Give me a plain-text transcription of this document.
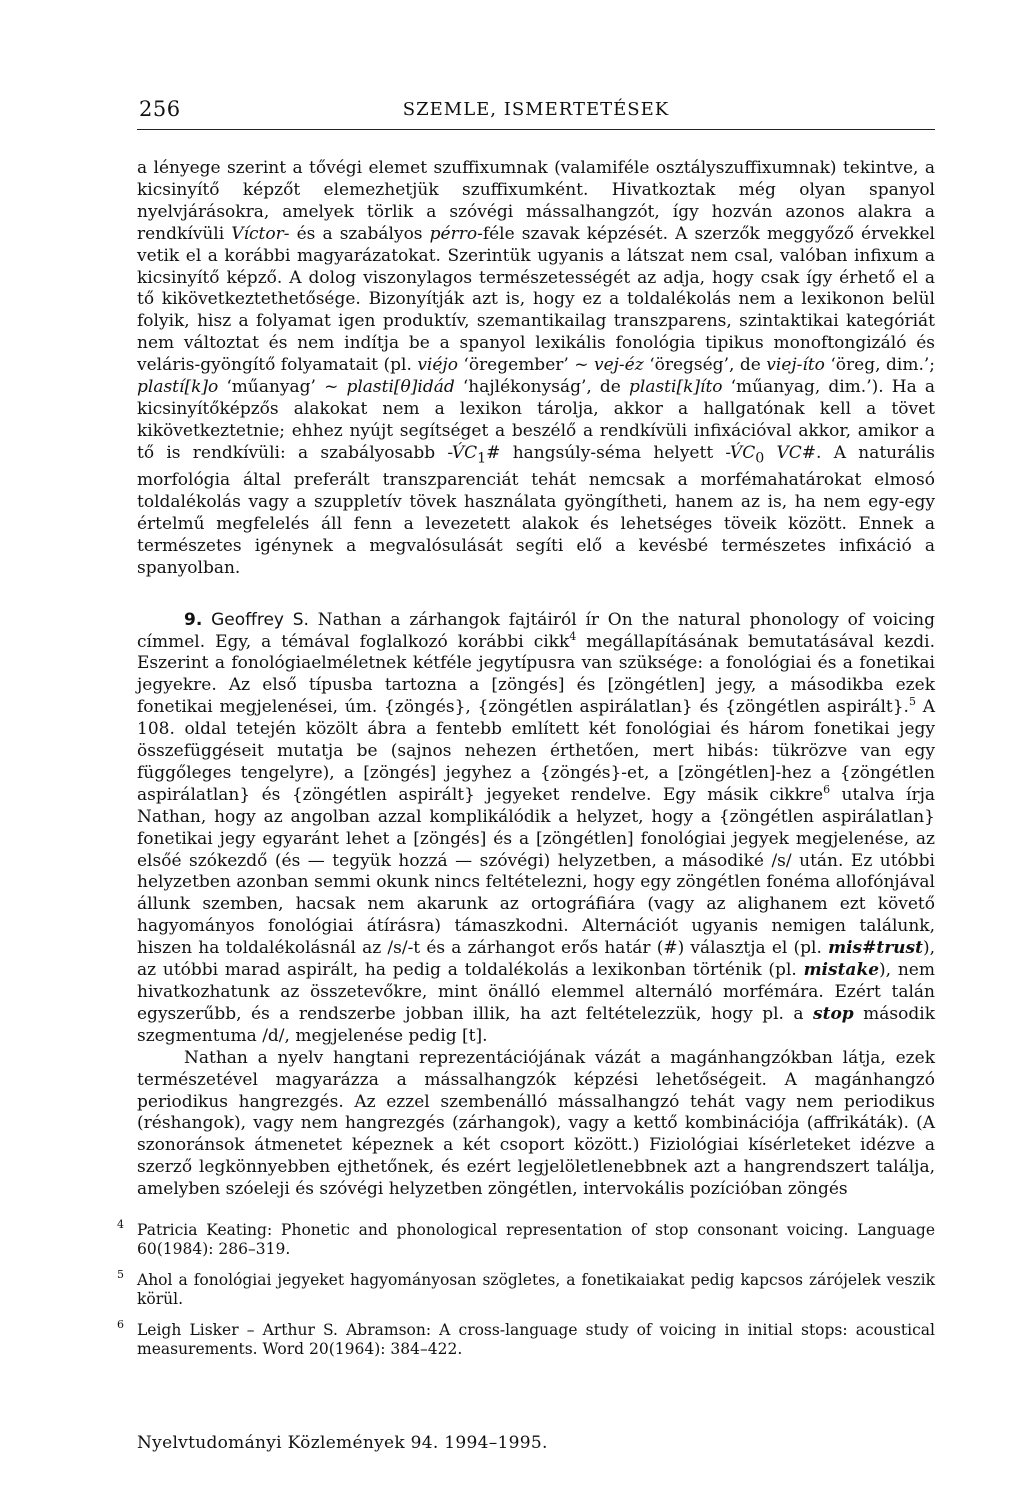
256	SZEMLE, ISMERTETÉSEK

a lényege szerint a tővégi elemet szuffixumnak (valamiféle osztályszuffixumnak) tekintve, a kicsinyítő képzőt elemezhetjük szuffixumként. Hivatkoztak még olyan spanyol nyelvjárásokra, amelyek törlik a szóvégi mássalhangzót, így hozván azonos alakra a rendkívüli Víctor- és a szabályos pérro-féle szavak képzését. A szerzők meggyőző érvekkel vetik el a korábbi magyarázatokat. Szerintük ugyanis a látszat nem csal, valóban infixum a kicsinyítő képző. A dolog viszonylagos természetességét az adja, hogy csak így érhető el a tő kikövetkeztethetősége. Bizonyítják azt is, hogy ez a toldalékolás nem a lexikonon belül folyik, hisz a folyamat igen produktív, szemantikailag transzparens, szintaktikai kategóriát nem változtat és nem indítja be a spanyol lexikális fonológia tipikus monoftongizáló és veláris-gyöngítő folyamatait (pl. viéjo ‘öregember’ ~ vej-éz ‘öregség’, de viej-íto ‘öreg, dim.’; plastí[k]o ‘műanyag’ ~ plasti[θ]idád ‘hajlékonyság’, de plasti[k]íto ‘műanyag, dim.’). Ha a kicsinyítőképzős alakokat nem a lexikon tárolja, akkor a hallgatónak kell a tövet kikövetkeztetnie; ehhez nyújt segítséget a beszélő a rendkívüli infixációval akkor, amikor a tő is rendkívüli: a szabályosabb $-V́C_1\#$ hangsúly-séma helyett $-V́C_0$ VC#. A naturális morfológia által preferált transzparenciát tehát nemcsak a morfémahatárokat elmosó toldalékolás vagy a szuppletív tövek használata gyöngítheti, hanem az is, ha nem egy-egy értelmű megfelelés áll fenn a levezetett alakok és lehetséges töveik között. Ennek a természetes igénynek a megvalósulását segíti elő a kevésbé természetes infixáció a spanyolban.

9. Geoffrey S. Nathan a zárhangok fajtáiról ír On the natural phonology of voicing címmel. Egy, a témával foglalkozó korábbi cikk$^4$ megállapításának bemutatásával kezdi. Eszerint a fonológiaelméletnek kétféle jegytípusra van szüksége: a fonológiai és a fonetikai jegyekre. Az első típusba tartozna a [zöngés] és [zöngétlen] jegy, a másodikba ezek fonetikai megjelenései, úm. {zöngés}, {zöngétlen aspirálatlan} és {zöngétlen aspirált}.$^5$ A 108. oldal tetején közölt ábra a fentebb említett két fonológiai és három fonetikai jegy összefüggéseit mutatja be (sajnos nehezen érthetően, mert hibás: tükrözve van egy függőleges tengelyre), a [zöngés] jegyhez a {zöngés}-et, a [zöngétlen]-hez a {zöngétlen aspirálatlan} és {zöngétlen aspirált} jegyeket rendelve. Egy másik cikkre$^6$ utalva írja Nathan, hogy az angolban azzal komplikálódik a helyzet, hogy a {zöngétlen aspirálatlan} fonetikai jegy egyaránt lehet a [zöngés] és a [zöngétlen] fonológiai jegyek megjelenése, az elsőé szókezdő (és — tegyük hozzá — szóvégi) helyzetben, a másodiké /s/ után. Ez utóbbi helyzetben azonban semmi okunk nincs feltételezni, hogy egy zöngétlen fonéma allofónjával állunk szemben, hacsak nem akarunk az ortográfiára (vagy az alighanem ezt követő hagyományos fonológiai átírásra) támaszkodni. Alternációt ugyanis nemigen találunk, hiszen ha toldalékolásnál az /s/-t és a zárhangot erős határ (#) választja el (pl. mis#trust), az utóbbi marad aspirált, ha pedig a toldalékolás a lexikonban történik (pl. mistake), nem hivatkozhatunk az összetevőkre, mint önálló elemmel alternáló morfémára. Ezért talán egyszerűbb, és a rendszerbe jobban illik, ha azt feltételezzük, hogy pl. a stop második szegmentuma /d/, megjelenése pedig [t].

Nathan a nyelv hangtani reprezentációjának vázát a magánhangzókban látja, ezek természetével magyarázza a mássalhangzók képzési lehetőségeit. A magánhangzó periodikus hangrezgés. Az ezzel szembenálló mássalhangzó tehát vagy nem periodikus (réshangok), vagy nem hangrezgés (zárhangok), vagy a kettő kombinációja (affrikáták). (A szonoránsok átmenetet képeznek a két csoport között.) Fiziológiai kísérleteket idézve a szerző legkönnyebben ejthetőnek, és ezért legjelöletlenebbnek azt a hangrendszert találja, amelyben szóeleji és szóvégi helyzetben zöngétlen, intervokális pozícióban zöngés

4 Patricia Keating: Phonetic and phonological representation of stop consonant voicing. Language 60(1984): 286–319.
5 Ahol a fonológiai jegyeket hagyományosan szögletes, a fonetikaiakat pedig kapcsos zárójelek veszik körül.
6 Leigh Lisker – Arthur S. Abramson: A cross-language study of voicing in initial stops: acoustical measurements. Word 20(1964): 384–422.
Nyelvtudományi Közlemények 94. 1994–1995.
